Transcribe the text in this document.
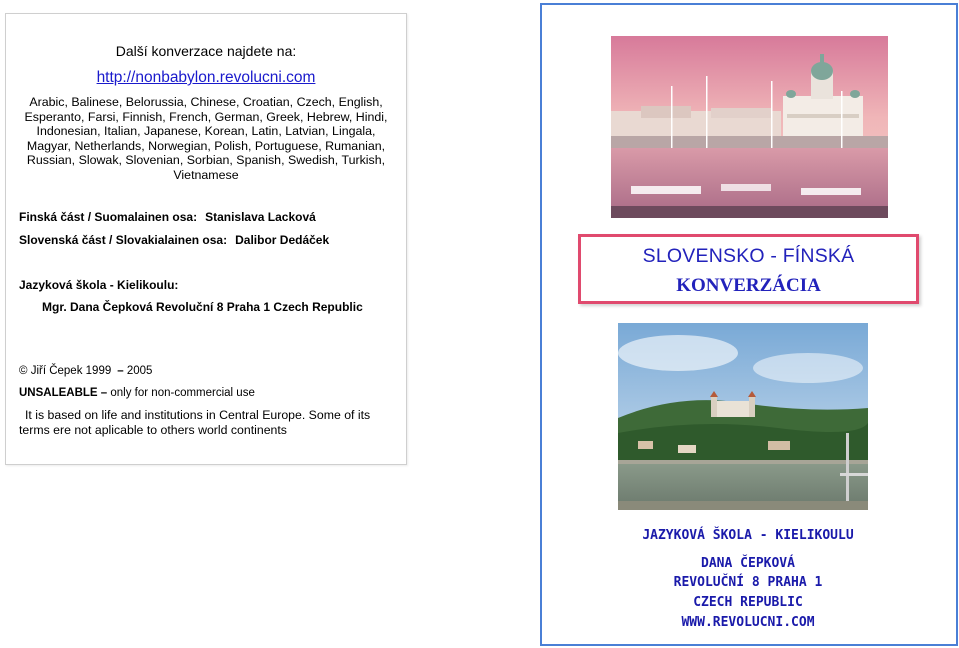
Další konverzace najdete na:
http://nonbabylon.revolucni.com
Arabic, Balinese, Belorussia, Chinese, Croatian, Czech, English, Esperanto, Farsi, Finnish, French, German, Greek, Hebrew, Hindi, Indonesian, Italian, Japanese, Korean, Latin, Latvian, Lingala, Magyar, Netherlands, Norwegian, Polish, Portuguese, Rumanian, Russian, Slowak, Slovenian, Sorbian, Spanish, Swedish, Turkish, Vietnamese
Finská část / Suomalainen osa: Stanislava Lacková
Slovenská část / Slovakialainen osa: Dalibor Dedáček
Jazyková škola - Kielikoulu:
Mgr. Dana Čepková Revoluční 8 Praha 1 Czech Republic
© Jiří Čepek 1999 – 2005
UNSALEABLE – only for non-commercial use
It is based on life and institutions in Central Europe. Some of its
terms ere not aplicable to others world continents
SLOVENSKO - FÍNSKÁ
KONVERZÁCIA
JAZYKOVÁ ŠKOLA - KIELIKOULU
DANA ČEPKOVÁ
REVOLUČNÍ 8 PRAHA 1
CZECH REPUBLIC
WWW.REVOLUCNI.COM
